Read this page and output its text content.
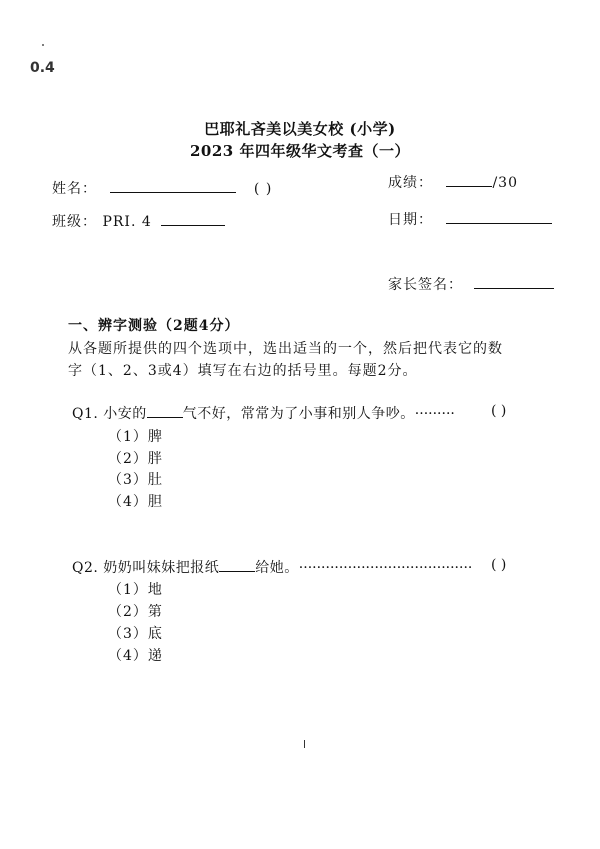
0.4
巴耶礼吝美以美女校 (小学)
2023 年四年级华文考查（一）
姓名：	( )	成绩：	/30
班级： PRI. 4	日期：
家长签名：
一、辨字测验（2题4分）
从各题所提供的四个选项中，选出适当的一个，然后把代表它的数
字（1、2、3或4）填写在右边的括号里。每题2分。
Q1. 小安的	气不好，常常为了小事和别人争吵。·········	( )
（1）脾
（2）胖
（3）肚
（4）胆
Q2. 奶奶叫妹妹把报纸	给她。······································· ( )
（1）地
（2）第
（3）底
（4）递
